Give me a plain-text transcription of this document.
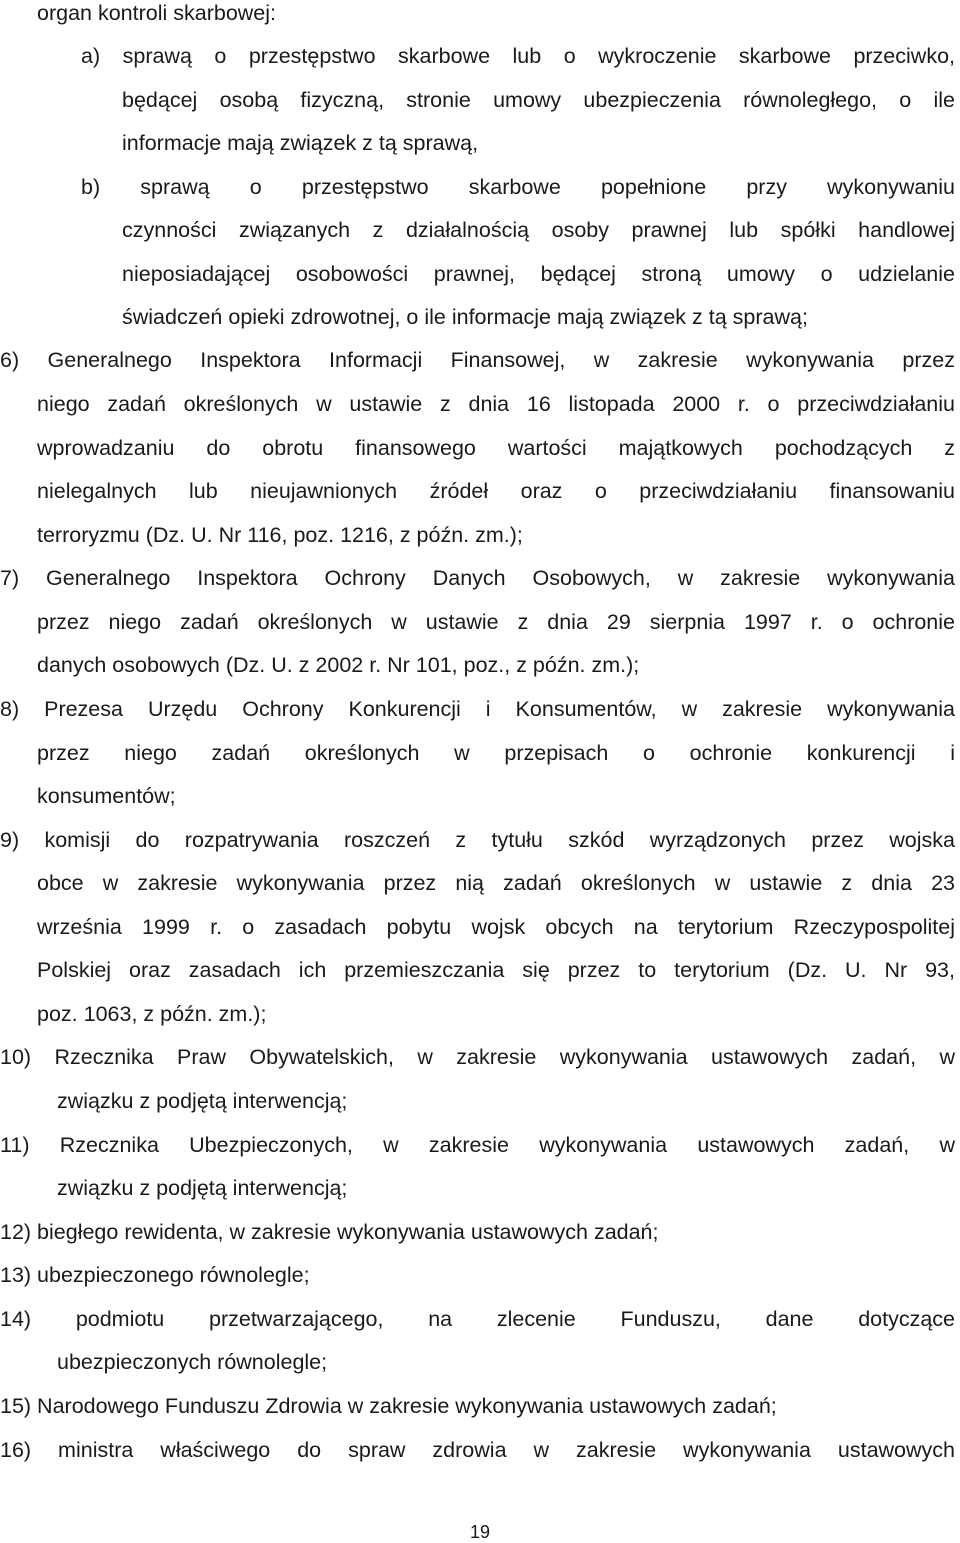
organ kontroli skarbowej:
a) sprawą o przestępstwo skarbowe lub o wykroczenie skarbowe przeciwko,
będącej osobą fizyczną, stronie umowy ubezpieczenia równoległego, o ile
informacje mają związek z tą sprawą,
b) sprawą o przestępstwo skarbowe popełnione przy wykonywaniu
czynności związanych z działalnością osoby prawnej lub spółki handlowej
nieposiadającej osobowości prawnej, będącej stroną umowy o udzielanie
świadczeń opieki zdrowotnej, o ile informacje mają związek z tą sprawą;
6) Generalnego Inspektora Informacji Finansowej, w zakresie wykonywania przez
niego zadań określonych w ustawie z dnia 16 listopada 2000 r. o przeciwdziałaniu
wprowadzaniu do obrotu finansowego wartości majątkowych pochodzących z
nielegalnych lub nieujawnionych źródeł oraz o przeciwdziałaniu finansowaniu
terroryzmu (Dz. U. Nr 116, poz. 1216, z późn. zm.);
7) Generalnego Inspektora Ochrony Danych Osobowych, w zakresie wykonywania
przez niego zadań określonych w ustawie z dnia 29 sierpnia 1997 r. o ochronie
danych osobowych (Dz. U. z 2002 r. Nr 101, poz., z późn. zm.);
8) Prezesa Urzędu Ochrony Konkurencji i Konsumentów, w zakresie wykonywania
przez niego zadań określonych w przepisach o ochronie konkurencji i
konsumentów;
9) komisji do rozpatrywania roszczeń z tytułu szkód wyrządzonych przez wojska
obce w zakresie wykonywania przez nią zadań określonych w ustawie z dnia 23
września 1999 r. o zasadach pobytu wojsk obcych na terytorium Rzeczypospolitej
Polskiej oraz zasadach ich przemieszczania się przez to terytorium (Dz. U. Nr 93,
poz. 1063, z późn. zm.);
10) Rzecznika Praw Obywatelskich, w zakresie wykonywania ustawowych zadań, w
związku z podjętą interwencją;
11) Rzecznika Ubezpieczonych, w zakresie wykonywania ustawowych zadań, w
związku z podjętą interwencją;
12) biegłego rewidenta, w zakresie wykonywania ustawowych zadań;
13) ubezpieczonego równolegle;
14) podmiotu przetwarzającego, na zlecenie Funduszu, dane dotyczące
ubezpieczonych równolegle;
15) Narodowego Funduszu Zdrowia w zakresie wykonywania ustawowych zadań;
16) ministra właściwego do spraw zdrowia w zakresie wykonywania ustawowych
19
